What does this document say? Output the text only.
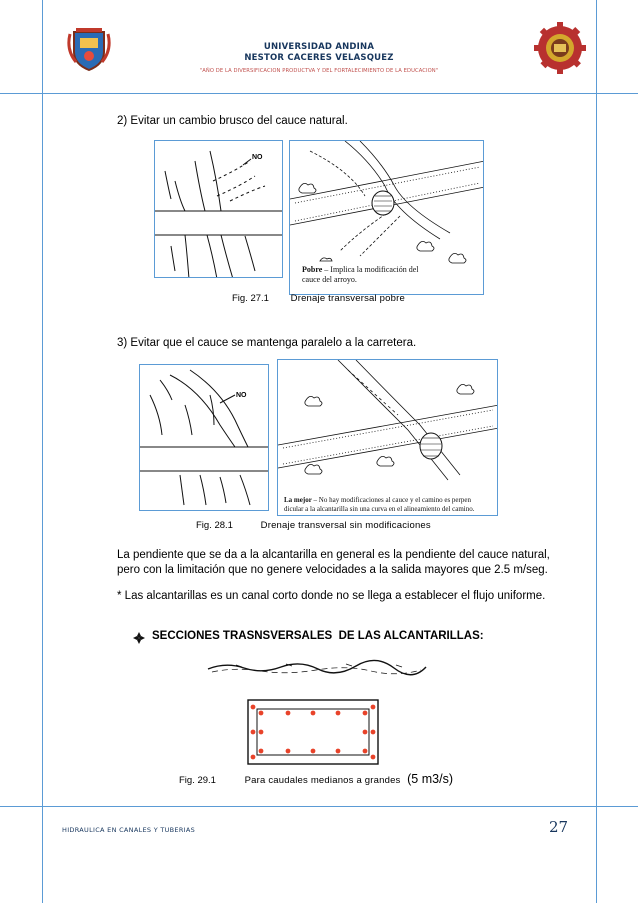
UNIVERSIDAD ANDINA
NESTOR CACERES VELASQUEZ
"AÑO DE LA DIVERSIFICACION PRODUCTVA Y DEL FORTALECIMIENTO DE LA EDUCACION"
2) Evitar un cambio brusco del cauce natural.
NO
Pobre – Implica la modificación del
cauce del arroyo.
Fig. 27.1 Drenaje transversal pobre
3) Evitar que el cauce se mantenga paralelo a la carretera.
NO
La mejor – No hay modificaciones al cauce y el camino es perpen
dicular a la alcantarilla sin una curva en el alineamiento del camino.
Fig. 28.1	Drenaje transversal sin modificaciones
La pendiente que se da a la alcantarilla en general es la pendiente del cauce natural,
pero con la limitación que no genere velocidades a la salida mayores que 2.5 m/seg.
* Las alcantarillas es un canal corto donde no se llega a establecer el flujo uniforme.
SECCIONES TRASNSVERSALES  DE LAS ALCANTARILLAS:
Fig. 29.1	Para caudales medianos a grandes (5 m3/s)
HIDRAULICA EN CANALES Y TUBERIAS	27
